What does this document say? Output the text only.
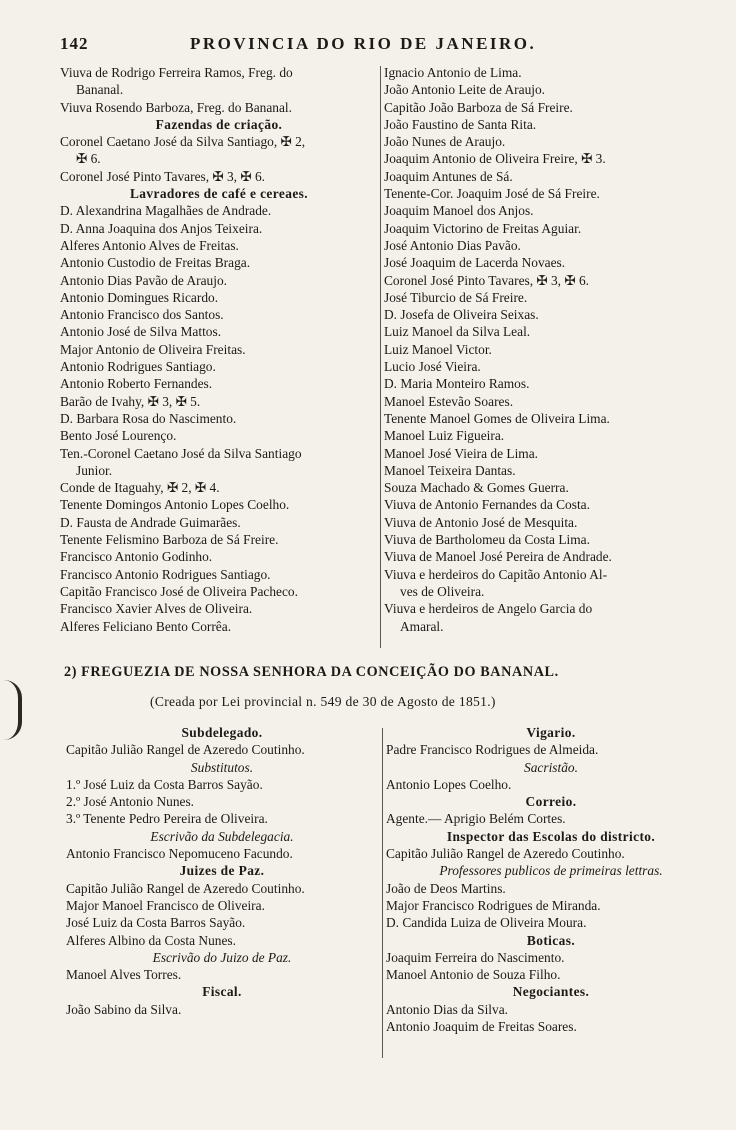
142	PROVINCIA DO RIO DE JANEIRO.
Viuva de Rodrigo Ferreira Ramos, Freg. do
Bananal.
Viuva Rosendo Barboza, Freg. do Bananal.
Fazendas de criação.
Coronel Caetano José da Silva Santiago, ✠ 2,
✠ 6.
Coronel José Pinto Tavares, ✠ 3, ✠ 6.
Lavradores de café e cereaes.
D. Alexandrina Magalhães de Andrade.
D. Anna Joaquina dos Anjos Teixeira.
Alferes Antonio Alves de Freitas.
Antonio Custodio de Freitas Braga.
Antonio Dias Pavão de Araujo.
Antonio Domingues Ricardo.
Antonio Francisco dos Santos.
Antonio José de Silva Mattos.
Major Antonio de Oliveira Freitas.
Antonio Rodrigues Santiago.
Antonio Roberto Fernandes.
Barão de Ivahy, ✠ 3, ✠ 5.
D. Barbara Rosa do Nascimento.
Bento José Lourenço.
Ten.-Coronel Caetano José da Silva Santiago
Junior.
Conde de Itaguahy, ✠ 2, ✠ 4.
Tenente Domingos Antonio Lopes Coelho.
D. Fausta de Andrade Guimarães.
Tenente Felismino Barboza de Sá Freire.
Francisco Antonio Godinho.
Francisco Antonio Rodrigues Santiago.
Capitão Francisco José de Oliveira Pacheco.
Francisco Xavier Alves de Oliveira.
Alferes Feliciano Bento Corrêa.
Ignacio Antonio de Lima.
João Antonio Leite de Araujo.
Capitão João Barboza de Sá Freire.
João Faustino de Santa Rita.
João Nunes de Araujo.
Joaquim Antonio de Oliveira Freire, ✠ 3.
Joaquim Antunes de Sá.
Tenente-Cor. Joaquim José de Sá Freire.
Joaquim Manoel dos Anjos.
Joaquim Victorino de Freitas Aguiar.
José Antonio Dias Pavão.
José Joaquim de Lacerda Novaes.
Coronel José Pinto Tavares, ✠ 3, ✠ 6.
José Tiburcio de Sá Freire.
D. Josefa de Oliveira Seixas.
Luiz Manoel da Silva Leal.
Luiz Manoel Victor.
Lucio José Vieira.
D. Maria Monteiro Ramos.
Manoel Estevão Soares.
Tenente Manoel Gomes de Oliveira Lima.
Manoel Luiz Figueira.
Manoel José Vieira de Lima.
Manoel Teixeira Dantas.
Souza Machado & Gomes Guerra.
Viuva de Antonio Fernandes da Costa.
Viuva de Antonio José de Mesquita.
Viuva de Bartholomeu da Costa Lima.
Viuva de Manoel José Pereira de Andrade.
Viuva e herdeiros do Capitão Antonio Al-
ves de Oliveira.
Viuva e herdeiros de Angelo Garcia do
Amaral.
2) FREGUEZIA DE NOSSA SENHORA DA CONCEIÇÃO DO BANANAL.
(Creada por Lei provincial n. 549 de 30 de Agosto de 1851.)
Subdelegado.
Capitão Julião Rangel de Azeredo Coutinho.
Substitutos.
1.º José Luiz da Costa Barros Sayão.
2.º José Antonio Nunes.
3.º Tenente Pedro Pereira de Oliveira.
Escrivão da Subdelegacia.
Antonio Francisco Nepomuceno Facundo.
Juizes de Paz.
Capitão Julião Rangel de Azeredo Coutinho.
Major Manoel Francisco de Oliveira.
José Luiz da Costa Barros Sayão.
Alferes Albino da Costa Nunes.
Escrivão do Juizo de Paz.
Manoel Alves Torres.
Fiscal.
João Sabino da Silva.
Vigario.
Padre Francisco Rodrigues de Almeida.
Sacristão.
Antonio Lopes Coelho.
Correio.
Agente.— Aprigio Belém Cortes.
Inspector das Escolas do districto.
Capitão Julião Rangel de Azeredo Coutinho.
Professores publicos de primeiras lettras.
João de Deos Martins.
Major Francisco Rodrigues de Miranda.
D. Candida Luiza de Oliveira Moura.
Boticas.
Joaquim Ferreira do Nascimento.
Manoel Antonio de Souza Filho.
Negociantes.
Antonio Dias da Silva.
Antonio Joaquim de Freitas Soares.
